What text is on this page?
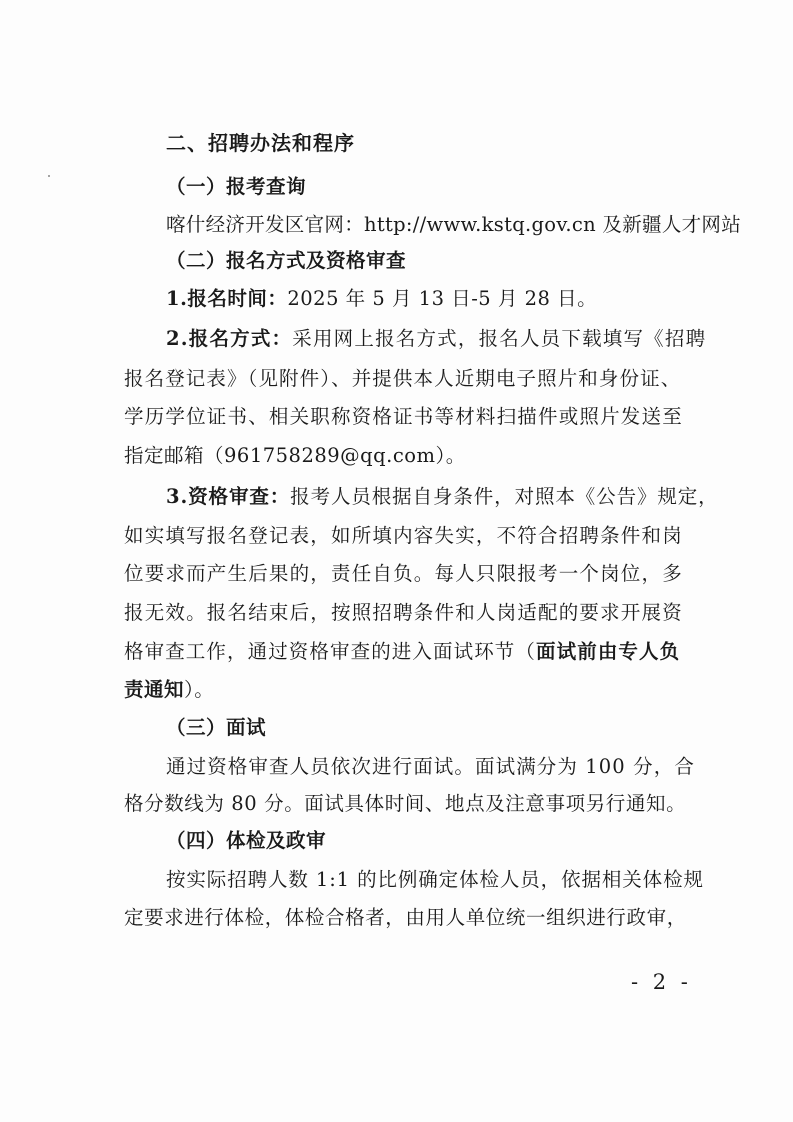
二、招聘办法和程序
（一）报考查询
喀什经济开发区官网：http://www.kstq.gov.cn 及新疆人才网站
（二）报名方式及资格审查
1.报名时间：2025 年 5 月 13 日-5 月 28 日。
2.报名方式：采用网上报名方式，报名人员下载填写《招聘
报名登记表》（见附件）、并提供本人近期电子照片和身份证、
学历学位证书、相关职称资格证书等材料扫描件或照片发送至
指定邮箱（961758289@qq.com）。
3.资格审查：报考人员根据自身条件，对照本《公告》规定，
如实填写报名登记表，如所填内容失实，不符合招聘条件和岗
位要求而产生后果的，责任自负。每人只限报考一个岗位，多
报无效。报名结束后，按照招聘条件和人岗适配的要求开展资
格审查工作，通过资格审查的进入面试环节（面试前由专人负
责通知）。
（三）面试
通过资格审查人员依次进行面试。面试满分为 100 分，合
格分数线为 80 分。面试具体时间、地点及注意事项另行通知。
（四）体检及政审
按实际招聘人数 1:1 的比例确定体检人员，依据相关体检规
定要求进行体检，体检合格者，由用人单位统一组织进行政审，
- 2 -
